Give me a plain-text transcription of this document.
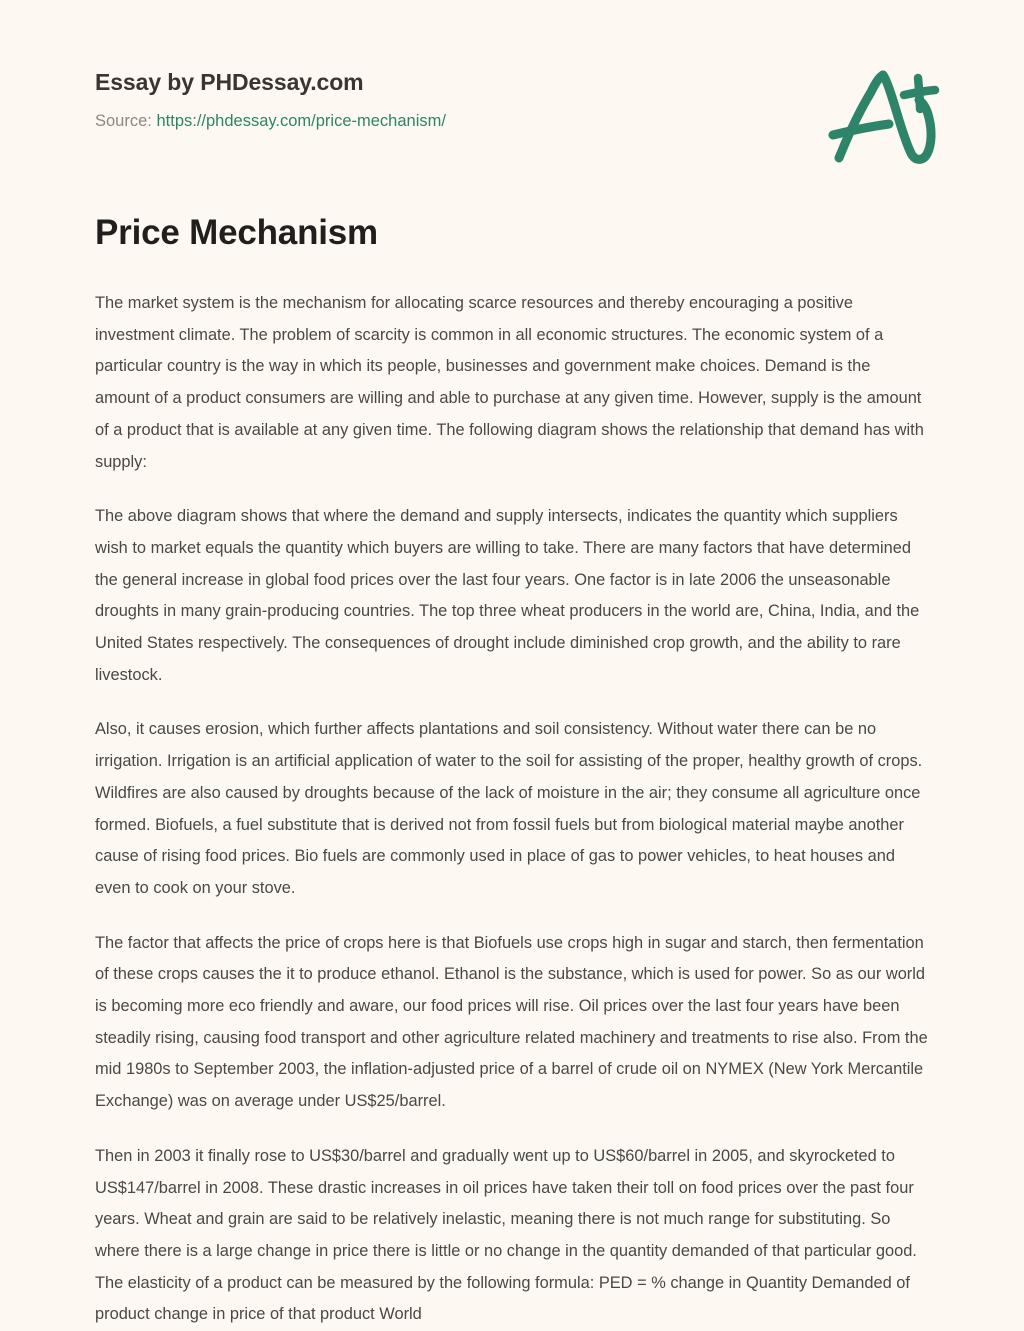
Essay by PHDessay.com
Source: https://phdessay.com/price-mechanism/
Price Mechanism

The market system is the mechanism for allocating scarce resources and thereby encouraging a positive investment climate. The problem of scarcity is common in all economic structures. The economic system of a particular country is the way in which its people, businesses and government make choices. Demand is the amount of a product consumers are willing and able to purchase at any given time. However, supply is the amount of a product that is available at any given time. The following diagram shows the relationship that demand has with supply:

The above diagram shows that where the demand and supply intersects, indicates the quantity which suppliers wish to market equals the quantity which buyers are willing to take. There are many factors that have determined the general increase in global food prices over the last four years. One factor is in late 2006 the unseasonable droughts in many grain-producing countries. The top three wheat producers in the world are, China, India, and the United States respectively. The consequences of drought include diminished crop growth, and the ability to rare livestock.

Also, it causes erosion, which further affects plantations and soil consistency. Without water there can be no irrigation. Irrigation is an artificial application of water to the soil for assisting of the proper, healthy growth of crops. Wildfires are also caused by droughts because of the lack of moisture in the air; they consume all agriculture once formed. Biofuels, a fuel substitute that is derived not from fossil fuels but from biological material maybe another cause of rising food prices. Bio fuels are commonly used in place of gas to power vehicles, to heat houses and even to cook on your stove.

The factor that affects the price of crops here is that Biofuels use crops high in sugar and starch, then fermentation of these crops causes the it to produce ethanol. Ethanol is the substance, which is used for power. So as our world is becoming more eco friendly and aware, our food prices will rise. Oil prices over the last four years have been steadily rising, causing food transport and other agriculture related machinery and treatments to rise also. From the mid 1980s to September 2003, the inflation-adjusted price of a barrel of crude oil on NYMEX (New York Mercantile Exchange) was on average under US$25/barrel.

Then in 2003 it finally rose to US$30/barrel and gradually went up to US$60/barrel in 2005, and skyrocketed to US$147/barrel in 2008. These drastic increases in oil prices have taken their toll on food prices over the past four years. Wheat and grain are said to be relatively inelastic, meaning there is not much range for substituting. So where there is a large change in price there is little or no change in the quantity demanded of that particular good. The elasticity of a product can be measured by the following formula: PED = % change in Quantity Demanded of product change in price of that product World
